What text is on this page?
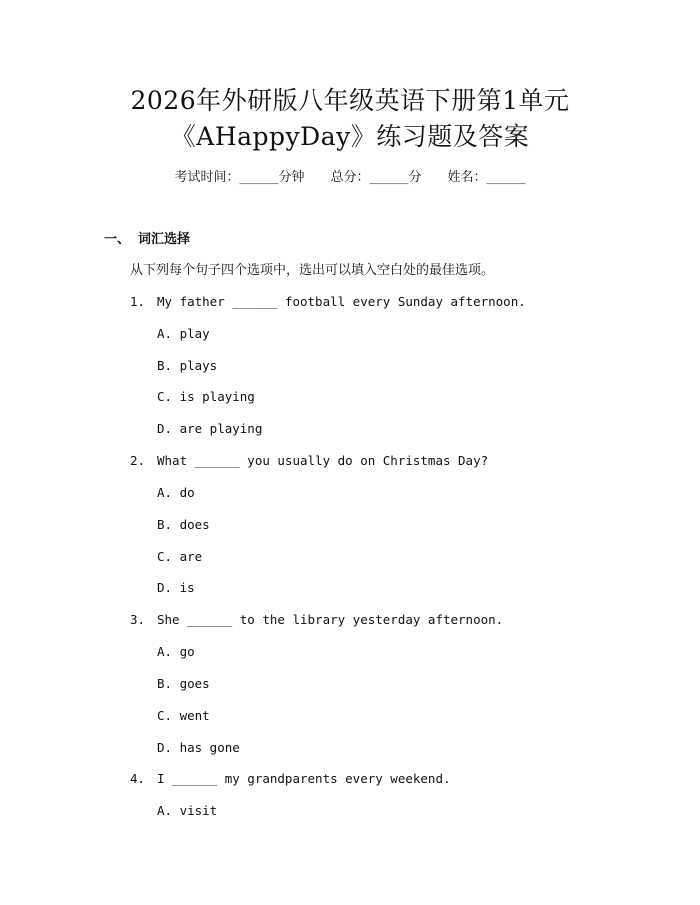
2026年外研版八年级英语下册第1单元
《AHappyDay》练习题及答案
考试时间：______分钟 总分：______分 姓名：______
一、 词汇选择
从下列每个句子四个选项中，选出可以填入空白处的最佳选项。
1. My father ______ football every Sunday afternoon.
A. play
B. plays
C. is playing
D. are playing
2. What ______ you usually do on Christmas Day?
A. do
B. does
C. are
D. is
3. She ______ to the library yesterday afternoon.
A. go
B. goes
C. went
D. has gone
4. I ______ my grandparents every weekend.
A. visit
